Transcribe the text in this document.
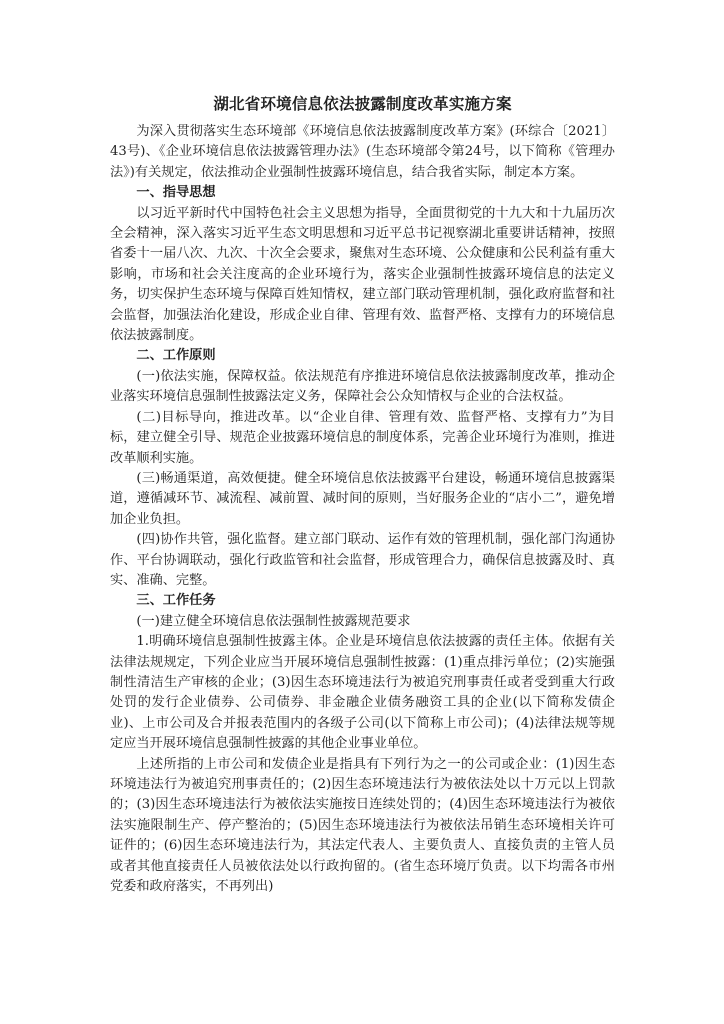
湖北省环境信息依法披露制度改革实施方案

为深入贯彻落实生态环境部《环境信息依法披露制度改革方案》(环综合〔2021〕43号)、《企业环境信息依法披露管理办法》(生态环境部令第24号，以下简称《管理办法》)有关规定，依法推动企业强制性披露环境信息，结合我省实际，制定本方案。

一、指导思想

以习近平新时代中国特色社会主义思想为指导，全面贯彻党的十九大和十九届历次全会精神，深入落实习近平生态文明思想和习近平总书记视察湖北重要讲话精神，按照省委十一届八次、九次、十次全会要求，聚焦对生态环境、公众健康和公民利益有重大影响，市场和社会关注度高的企业环境行为，落实企业强制性披露环境信息的法定义务，切实保护生态环境与保障百姓知情权，建立部门联动管理机制，强化政府监督和社会监督，加强法治化建设，形成企业自律、管理有效、监督严格、支撑有力的环境信息依法披露制度。

二、工作原则

(一)依法实施，保障权益。依法规范有序推进环境信息依法披露制度改革，推动企业落实环境信息强制性披露法定义务，保障社会公众知情权与企业的合法权益。

(二)目标导向，推进改革。以“企业自律、管理有效、监督严格、支撑有力”为目标，建立健全引导、规范企业披露环境信息的制度体系，完善企业环境行为准则，推进改革顺利实施。

(三)畅通渠道，高效便捷。健全环境信息依法披露平台建设，畅通环境信息披露渠道，遵循减环节、减流程、减前置、减时间的原则，当好服务企业的“店小二”，避免增加企业负担。

(四)协作共管，强化监督。建立部门联动、运作有效的管理机制，强化部门沟通协作、平台协调联动，强化行政监管和社会监督，形成管理合力，确保信息披露及时、真实、准确、完整。

三、工作任务

(一)建立健全环境信息依法强制性披露规范要求

1.明确环境信息强制性披露主体。企业是环境信息依法披露的责任主体。依据有关法律法规规定，下列企业应当开展环境信息强制性披露：(1)重点排污单位；(2)实施强制性清洁生产审核的企业；(3)因生态环境违法行为被追究刑事责任或者受到重大行政处罚的发行企业债券、公司债券、非金融企业债务融资工具的企业(以下简称发债企业)、上市公司及合并报表范围内的各级子公司(以下简称上市公司)；(4)法律法规等规定应当开展环境信息强制性披露的其他企业事业单位。

上述所指的上市公司和发债企业是指具有下列行为之一的公司或企业：(1)因生态环境违法行为被追究刑事责任的；(2)因生态环境违法行为被依法处以十万元以上罚款的；(3)因生态环境违法行为被依法实施按日连续处罚的；(4)因生态环境违法行为被依法实施限制生产、停产整治的；(5)因生态环境违法行为被依法吊销生态环境相关许可证件的；(6)因生态环境违法行为，其法定代表人、主要负责人、直接负责的主管人员或者其他直接责任人员被依法处以行政拘留的。(省生态环境厅负责。以下均需各市州党委和政府落实，不再列出)
